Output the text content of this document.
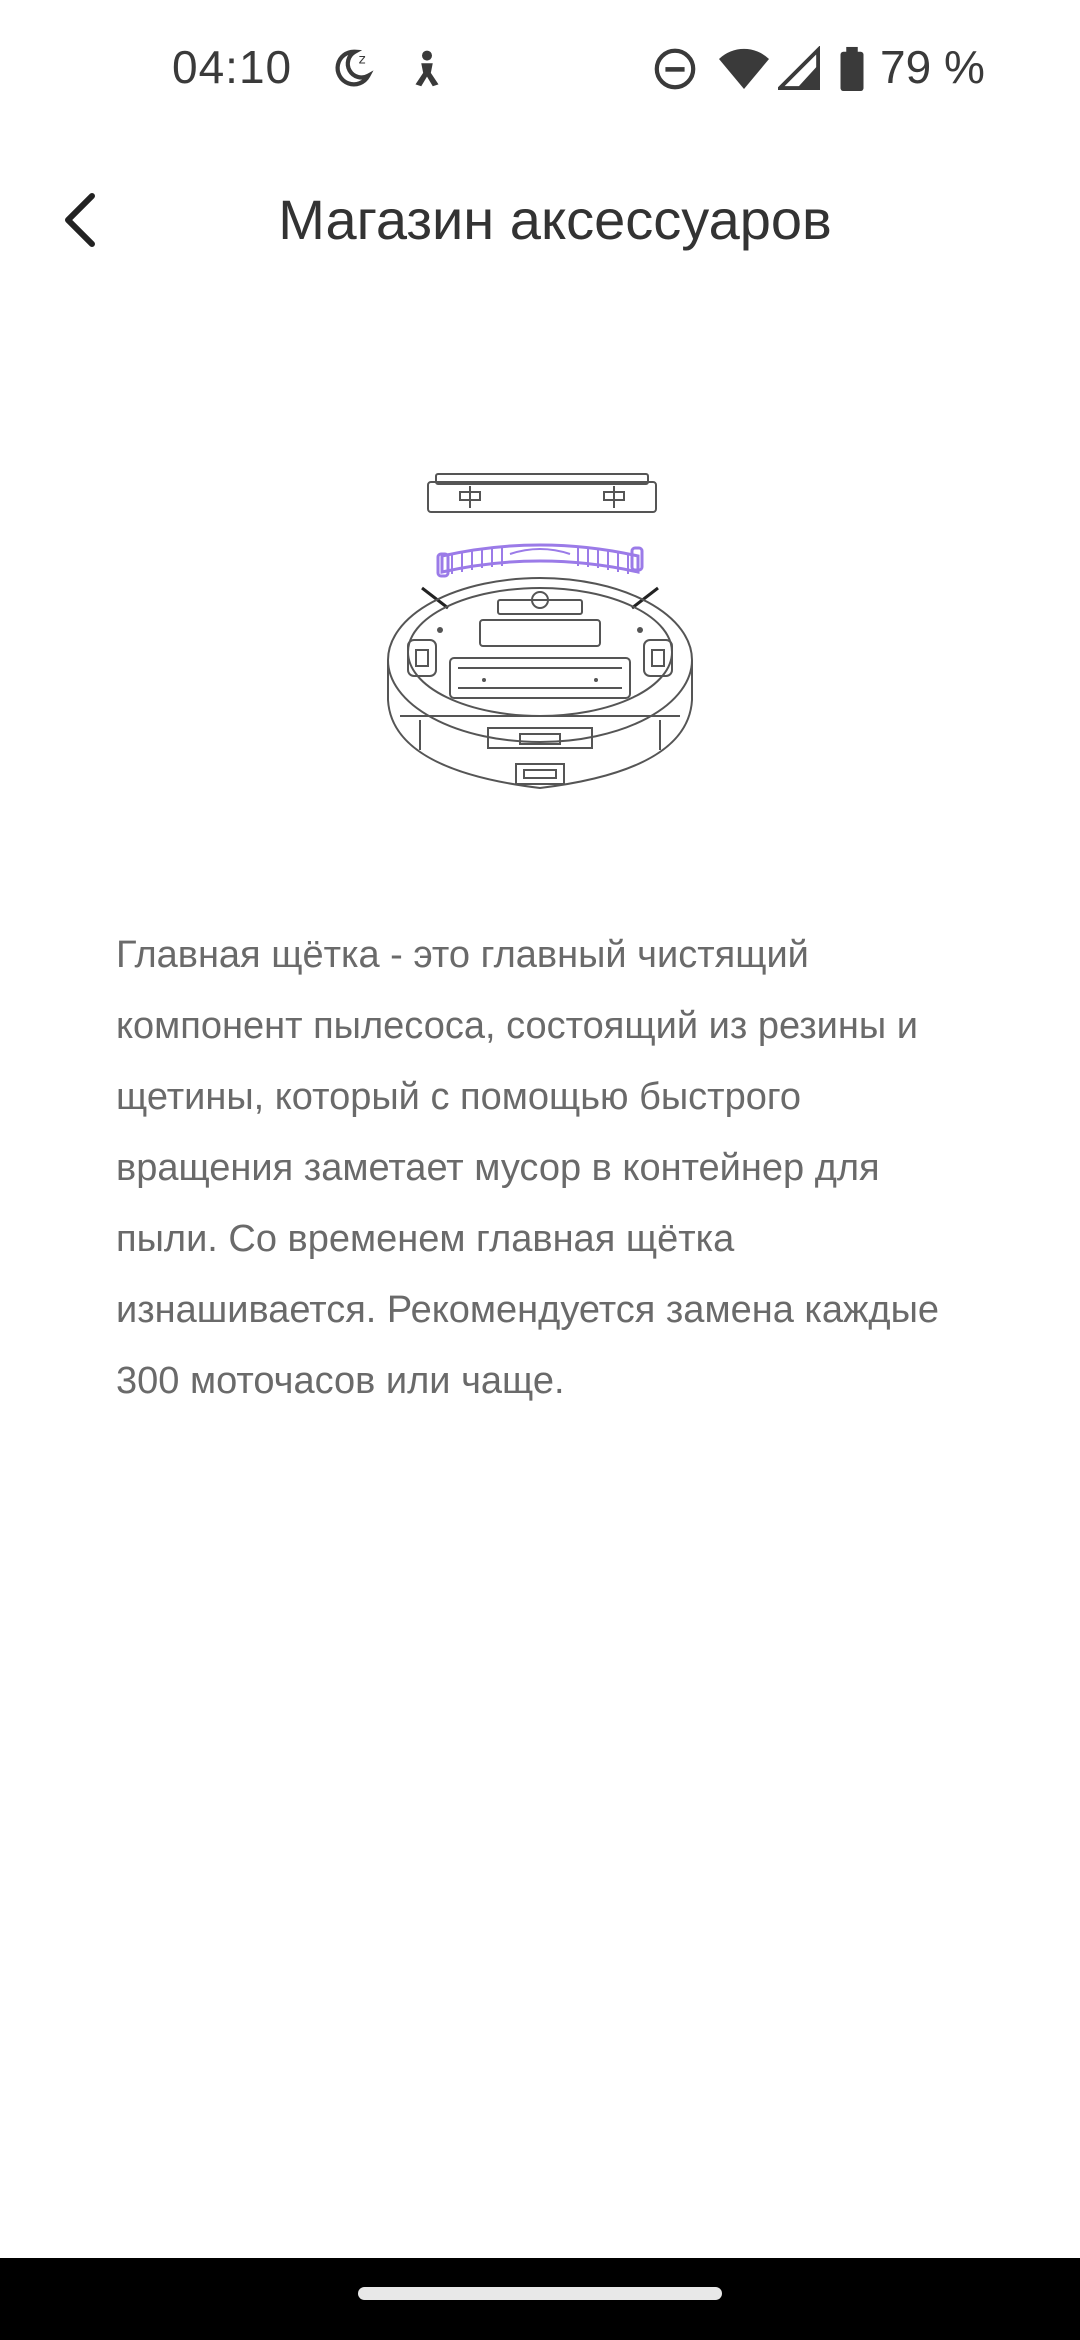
04:10	z	79 %
Магазин аксессуаров

Главная щётка - это главный чистящий компонент пылесоса, состоящий из резины и щетины, который с помощью быстрого вращения заметает мусор в контейнер для пыли. Со временем главная щётка изнашивается. Рекомендуется замена каждые 300 моточасов или чаще.
